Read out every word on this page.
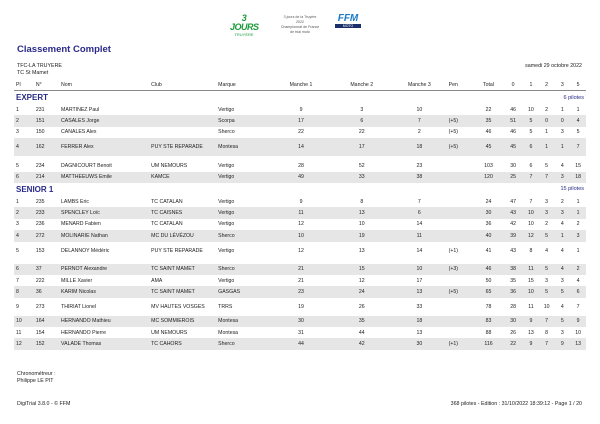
3 JOURS
TRUYÈRE
3 jours de la Truyère 2022
Championnat de France
de trial moto
FFM
MOTO
Classement Complet
TFC-LA TRUYERE
TC St Mamet
samedi 29 octobre 2022
Pl	N°	Nom	Club	Marque	Manche 1	Manche 2	Manche 3	Pen	Total	0	1	2	3	5
EXPERT					6 pilotes									
1	231	MARTINEZ Paul		Vertigo	9	3	10		22	46	10	2	1	1
2	151	CASALES Jorge		Scorpa	17	6	7	(+5)	35	51	5	0	0	4
3	150	CANALES Alex		Sherco	22	22	2	(+5)	46	46	5	1	3	5
4	162	FERRER Alex	PUY STE REPARADE	Montesa	14	17	18	(+5)	45	45	6	1	1	7

5	234	DAGNICOURT Benoit	UM NEMOURS	Vertigo	28	52	23		103	30	6	5	4	15
6	214	MATTHEEUWS Emile	KAMCE	Vertigo	49	33	38		120	25	7	7	3	18
SENIOR 1					15 pilotes									
1	235	LAMBS Eric	TC CATALAN	Vertigo	9	8	7		24	47	7	3	2	1
2	233	SPENCLEY Loïc	TC CAISNES	Vertigo	11	13	6		30	43	10	3	3	1
3	236	MENARD Fabien	TC CATALAN	Vertigo	12	10	14		36	42	10	2	4	2
4	272	MOLINARIE Nathan	MC DU LÉVÉZOU	Sherco	10	19	11		40	39	12	5	1	3
5	153	DELANNOY Médéric	PUY STE REPARADE	Vertigo	12	13	14	(+1)	41	43	8	4	4	1

6	37	PERNOT Alexandre	TC SAINT MAMET	Sherco	21	15	10	(+3)	46	38	11	5	4	2
7	222	MILLE Xavier	AMA	Vertigo	21	12	17		50	35	15	3	3	4
8	36	KARIM Nicolas	TC SAINT MAMET	GASGAS	23	24	13	(+5)	65	36	10	5	5	6
9	273	THIRIAT Lionel	MV HAUTES VOSGES	TRRS	19	26	33		78	28	11	10	4	7
10	164	HERNANDO Mathieu	MC SOMMIEROIS	Montesa	30	35	18		83	30	9	7	5	9
11	154	HERNANDO Pierre	UM NEMOURS	Montesa	31	44	13		88	26	13	8	3	10
12	152	VALADE Thomas	TC CAHORS	Sherco	44	42	30	(+1)	116	22	9	7	9	13
Chronométreur :
Philippe LE PIT
DigiTrial 3.8.0 - © FFM	368 pilotes - Edition : 31/10/2022 18:39:12 - Page 1 / 20
